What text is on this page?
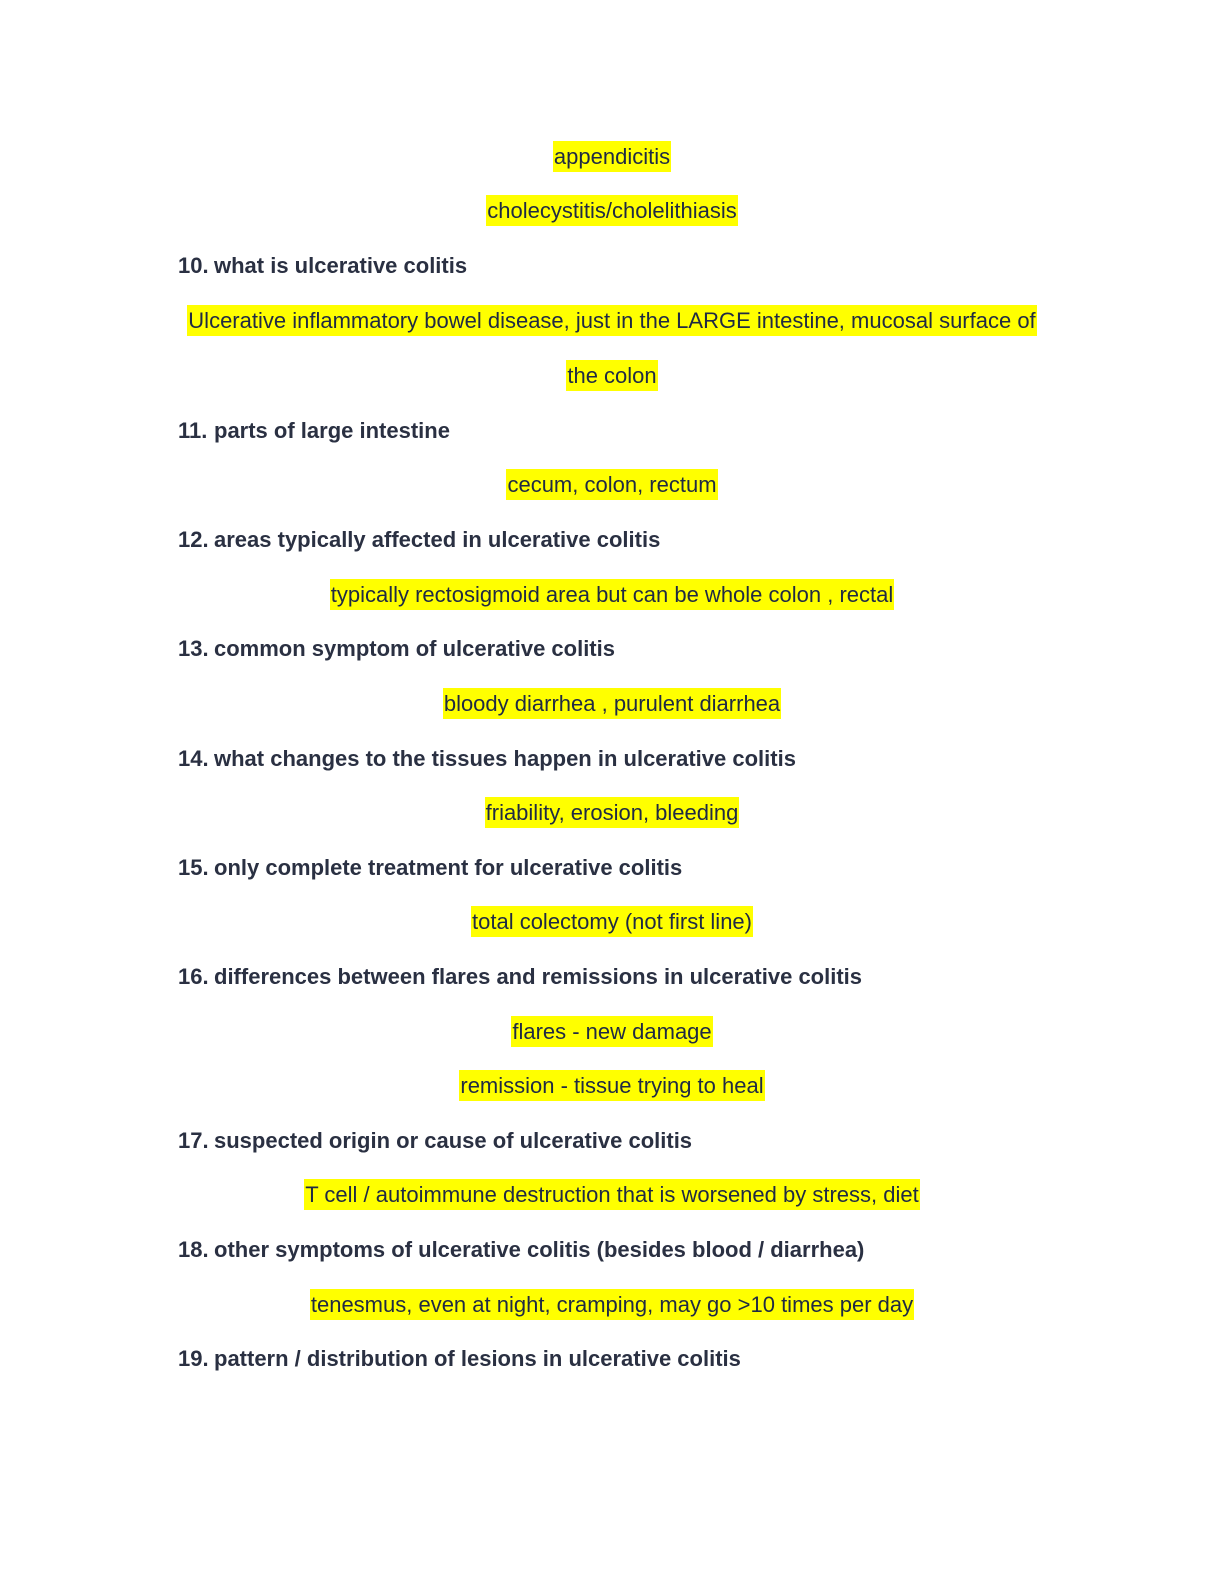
appendicitis
cholecystitis/cholelithiasis
10. what is ulcerative colitis
Ulcerative inflammatory bowel disease, just in the LARGE intestine, mucosal surface of
the colon
11. parts of large intestine
cecum, colon, rectum
12. areas typically affected in ulcerative colitis
typically rectosigmoid area but can be whole colon , rectal
13. common symptom of ulcerative colitis
bloody diarrhea , purulent diarrhea
14. what changes to the tissues happen in ulcerative colitis
friability, erosion, bleeding
15. only complete treatment for ulcerative colitis
total colectomy (not first line)
16. differences between flares and remissions in ulcerative colitis
flares - new damage
remission - tissue trying to heal
17. suspected origin or cause of ulcerative colitis
T cell / autoimmune destruction that is worsened by stress, diet
18. other symptoms of ulcerative colitis (besides blood / diarrhea)
tenesmus, even at night, cramping, may go >10 times per day
19. pattern / distribution of lesions in ulcerative colitis
